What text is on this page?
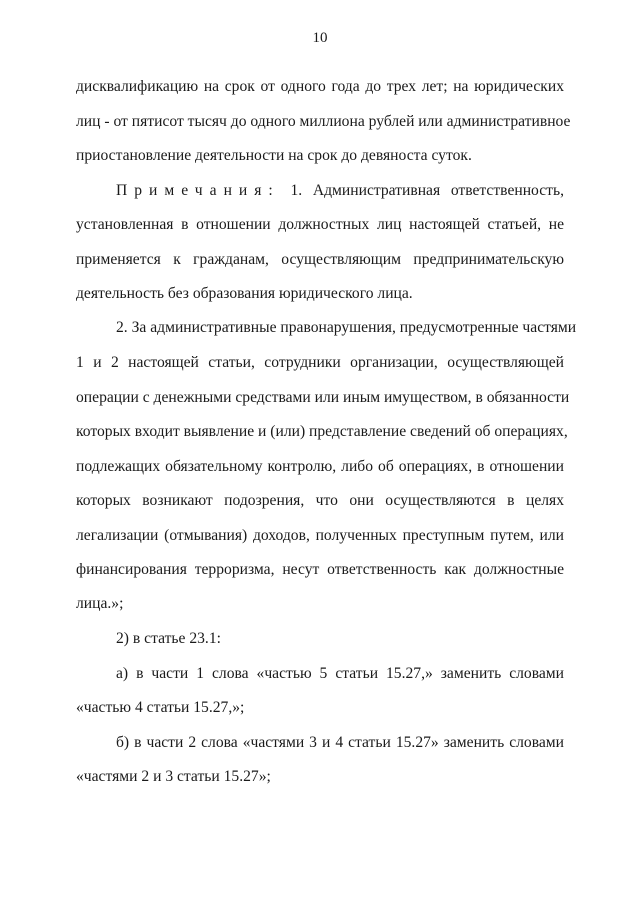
10
дисквалификацию на срок от одного года до трех лет; на юридических
лиц - от пятисот тысяч до одного миллиона рублей или административное
приостановление деятельности на срок до девяноста суток.
Примечания: 1. Административная ответственность,
установленная в отношении должностных лиц настоящей статьей, не
применяется к гражданам, осуществляющим предпринимательскую
деятельность без образования юридического лица.
2. За административные правонарушения, предусмотренные частями
1 и 2 настоящей статьи, сотрудники организации, осуществляющей
операции с денежными средствами или иным имуществом, в обязанности
которых входит выявление и (или) представление сведений об операциях,
подлежащих обязательному контролю, либо об операциях, в отношении
которых возникают подозрения, что они осуществляются в целях
легализации (отмывания) доходов, полученных преступным путем, или
финансирования терроризма, несут ответственность как должностные
лица.»;
2) в статье 23.1:
а) в части 1 слова «частью 5 статьи 15.27,» заменить словами
«частью 4 статьи 15.27,»;
б) в части 2 слова «частями 3 и 4 статьи 15.27» заменить словами
«частями 2 и 3 статьи 15.27»;
